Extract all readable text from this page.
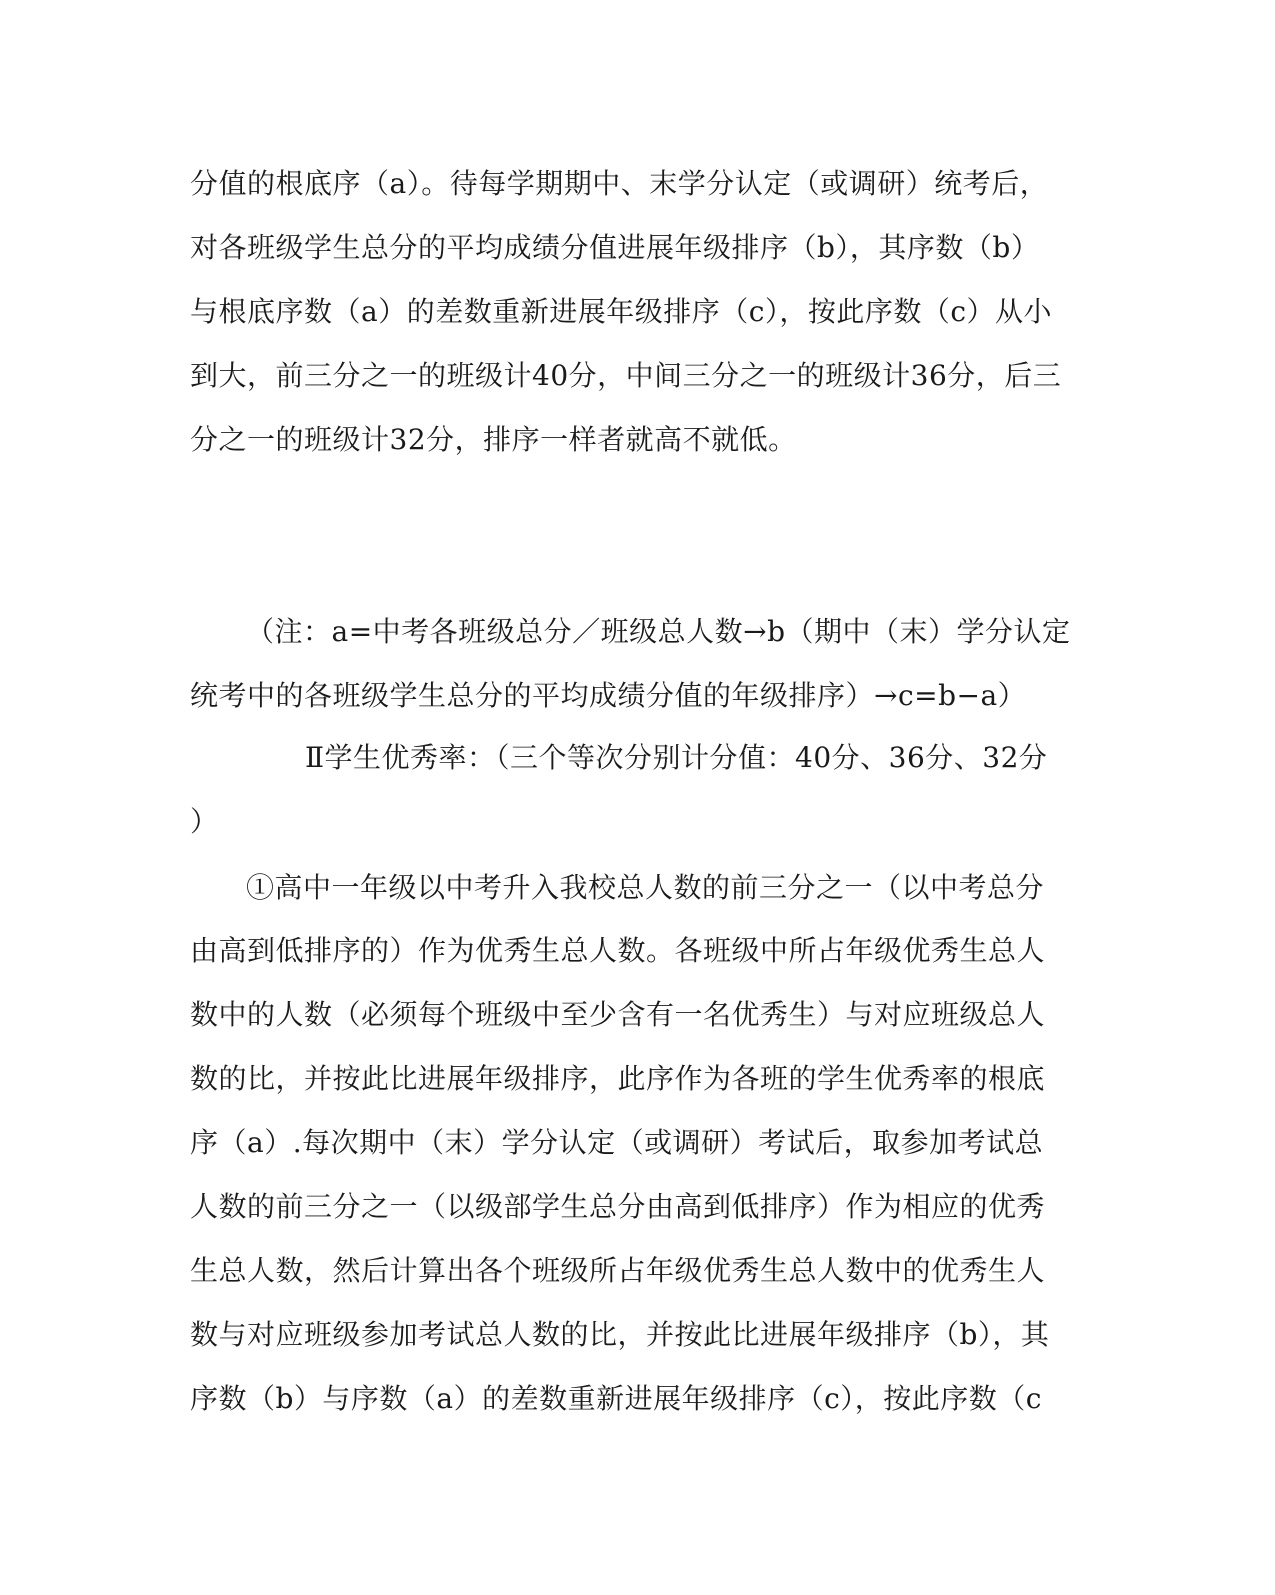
分值的根底序（a）。待每学期期中、末学分认定（或调研）统考后，
对各班级学生总分的平均成绩分值进展年级排序（b），其序数（b）
与根底序数（a）的差数重新进展年级排序（c），按此序数（c）从小
到大，前三分之一的班级计40分，中间三分之一的班级计36分，后三
分之一的班级计32分，排序一样者就高不就低。
（注：a=中考各班级总分／班级总人数→b（期中（末）学分认定
统考中的各班级学生总分的平均成绩分值的年级排序）→c=b−a）
Ⅱ学生优秀率：（三个等次分别计分值：40分、36分、32分
）
①高中一年级以中考升入我校总人数的前三分之一（以中考总分
由高到低排序的）作为优秀生总人数。各班级中所占年级优秀生总人
数中的人数（必须每个班级中至少含有一名优秀生）与对应班级总人
数的比，并按此比进展年级排序，此序作为各班的学生优秀率的根底
序（a）.每次期中（末）学分认定（或调研）考试后，取参加考试总
人数的前三分之一（以级部学生总分由高到低排序）作为相应的优秀
生总人数，然后计算出各个班级所占年级优秀生总人数中的优秀生人
数与对应班级参加考试总人数的比，并按此比进展年级排序（b），其
序数（b）与序数（a）的差数重新进展年级排序（c），按此序数（c
